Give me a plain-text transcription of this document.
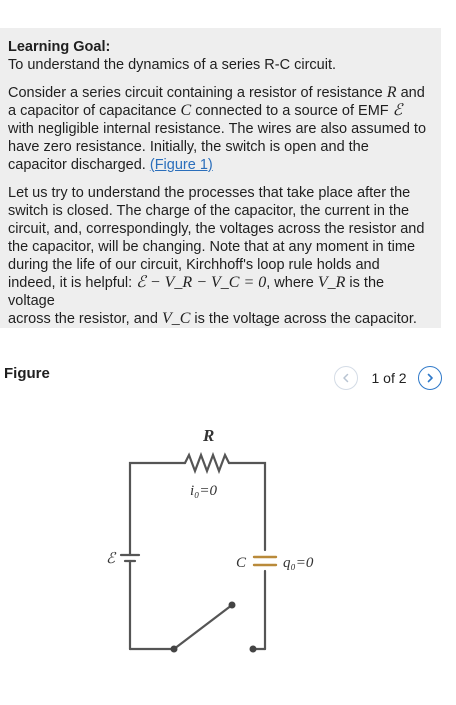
Learning Goal:

To understand the dynamics of a series R-C circuit.

Consider a series circuit containing a resistor of resistance R and

a capacitor of capacitance C connected to a source of EMF ℰ

with negligible internal resistance. The wires are also assumed to

have zero resistance. Initially, the switch is open and the

capacitor discharged. (Figure 1)

Let us try to understand the processes that take place after the

switch is closed. The charge of the capacitor, the current in the

circuit, and, correspondingly, the voltages across the resistor and

the capacitor, will be changing. Note that at any moment in time

during the life of our circuit, Kirchhoff's loop rule holds and

indeed, it is helpful: ℰ − V_R − V_C = 0, where V_R is the voltage

across the resistor, and V_C is the voltage across the capacitor.

Figure	1 of 2
R
i₀=0
ℰ	C q₀=0
